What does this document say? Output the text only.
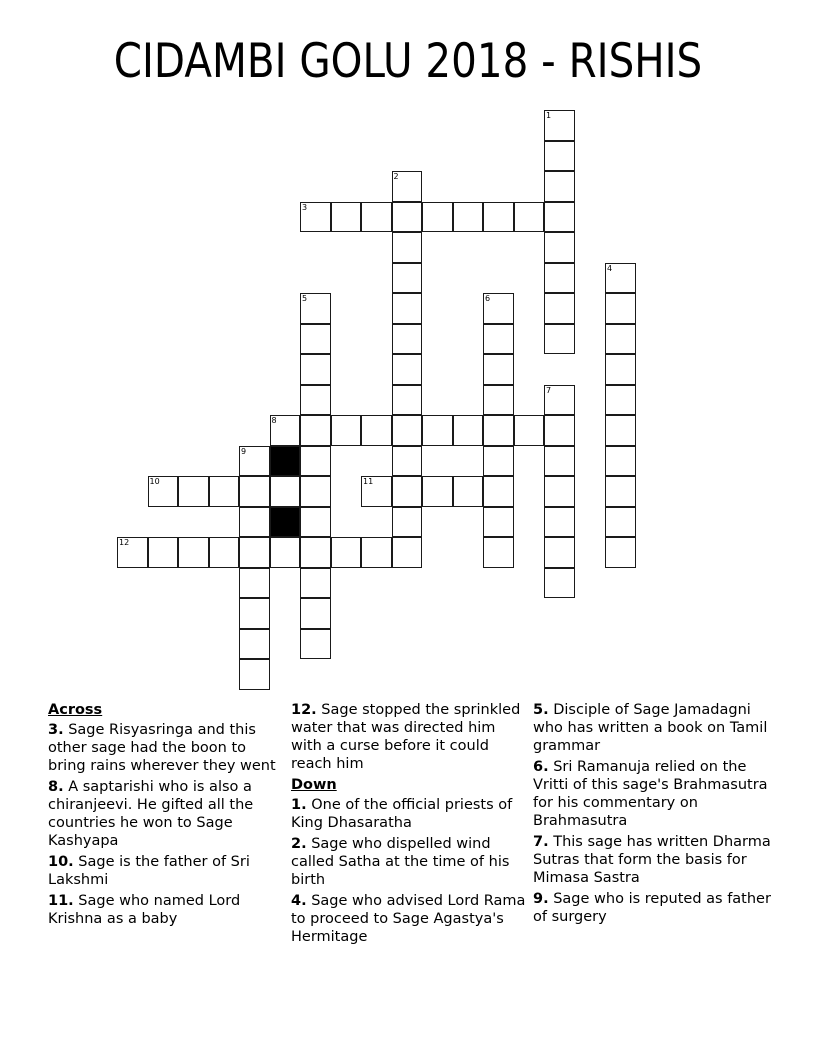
CIDAMBI GOLU 2018 - RISHIS
1
2
3
4
5	6
7
8
9
10	11
12
Across
3. Sage Risyasringa and this other sage had the boon to bring rains wherever they went
8. A saptarishi who is also a chiranjeevi. He gifted all the countries he won to Sage Kashyapa
10. Sage is the father of Sri Lakshmi
11. Sage who named Lord Krishna as a baby
12. Sage stopped the sprinkled water that was directed him with a curse before it could reach him
Down
1. One of the official priests of King Dhasaratha
2. Sage who dispelled wind called Satha at the time of his birth
4. Sage who advised Lord Rama to proceed to Sage Agastya's Hermitage
5. Disciple of Sage Jamadagni who has written a book on Tamil grammar
6. Sri Ramanuja relied on the Vritti of this sage's Brahmasutra for his commentary on Brahmasutra
7. This sage has written Dharma Sutras that form the basis for Mimasa Sastra
9. Sage who is reputed as father of surgery
